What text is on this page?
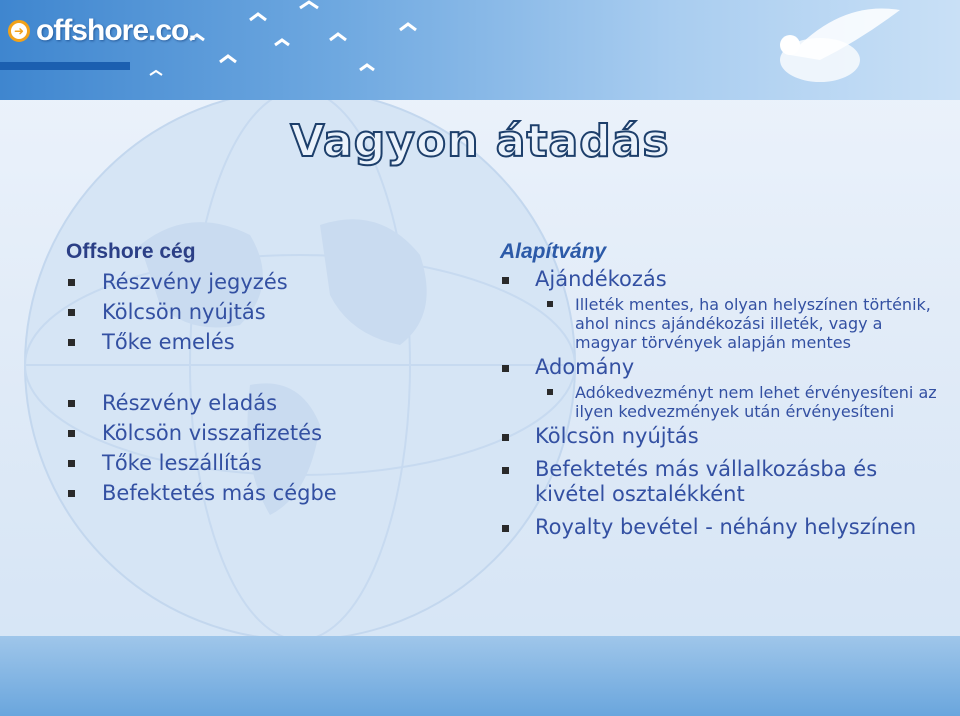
➜ offshore.co.
Vagyon átadás
Offshore cég
Részvény jegyzés
Kölcsön nyújtás
Tőke emelés
Részvény eladás
Kölcsön visszafizetés
Tőke leszállítás
Befektetés más cégbe
Alapítvány
Ajándékozás
Illeték mentes, ha olyan helyszínen történik, ahol nincs ajándékozási illeték, vagy a magyar törvények alapján mentes
Adomány
Adókedvezményt nem lehet érvényesíteni az ilyen kedvezmények után érvényesíteni
Kölcsön nyújtás
Befektetés más vállalkozásba és kivétel osztalékként
Royalty bevétel - néhány helyszínen
